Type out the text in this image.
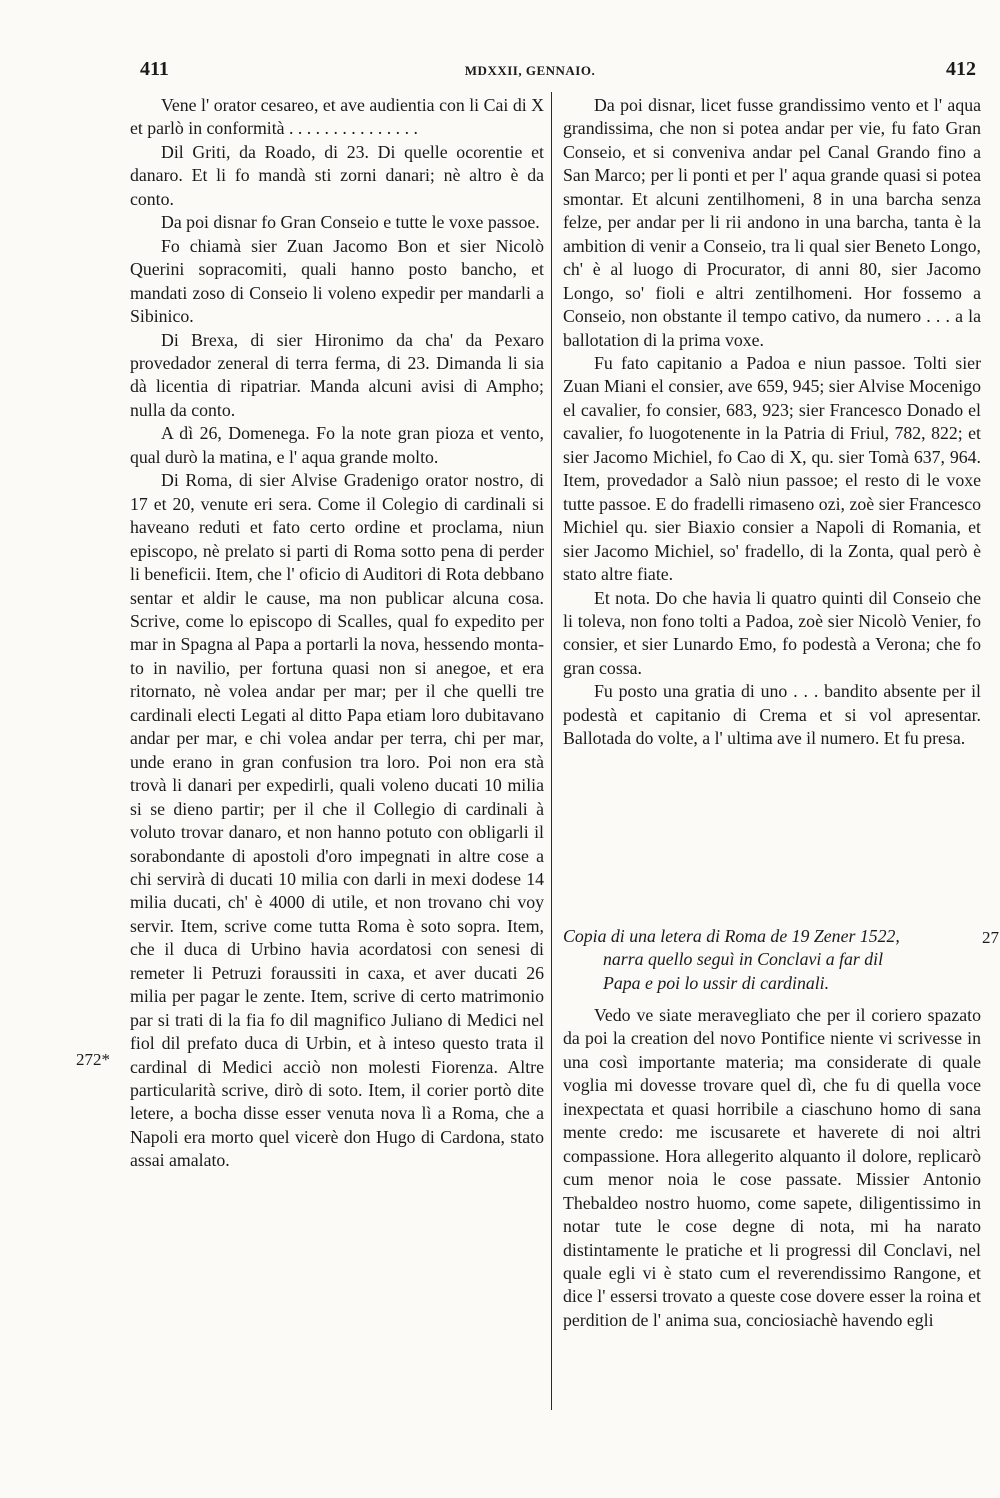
411	MDXXII, GENNAIO.	412
272*
27

Vene l' orator cesareo, et ave audientia con li Cai di X et parlò in conformità . . . . . . . . . . . . . . .

Dil Griti, da Roado, di 23. Di quelle ocorentie et danaro. Et li fo mandà sti zorni danari; nè altro è da conto.

Da poi disnar fo Gran Conseio e tutte le voxe passoe.

Fo chiamà sier Zuan Jacomo Bon et sier Nicolò Querini sopracomiti, quali hanno posto bancho, et mandati zoso di Conseio li voleno expedir per mandarli a Sibinico.

Di Brexa, di sier Hironimo da cha' da Pexaro provedador zeneral di terra ferma, di 23. Dimanda li sia dà licentia di ripatriar. Manda alcuni avisi di Ampho; nulla da conto.

A dì 26, Domenega. Fo la note gran pioza et vento, qual durò la matina, e l' aqua grande molto.

Di Roma, di sier Alvise Gradenigo orator nostro, di 17 et 20, venute eri sera. Come il Colegio di cardinali si haveano reduti et fato certo ordine et proclama, niun episcopo, nè prelato si parti di Roma sotto pena di perder li beneficii. Item, che l' oficio di Auditori di Rota debbano sentar et aldir le cause, ma non publicar alcuna cosa. Scrive, come lo episcopo di Scalles, qual fo expedito per mar in Spagna al Papa a portarli la nova, hessendo montato in navilio, per fortuna quasi non si anegoe, et era ritornato, nè volea andar per mar; per il che quelli tre cardinali electi Legati al ditto Papa etiam loro dubitavano andar per mar, e chi volea andar per terra, chi per mar, unde erano in gran confusion tra loro. Poi non era stà trovà li danari per expedirli, quali voleno ducati 10 milia si se dieno partir; per il che il Collegio di cardinali à voluto trovar danaro, et non hanno potuto con obligarli il sorabondante di apostoli d'oro impegnati in altre cose a chi servirà di ducati 10 milia con darli in mexi dodese 14 milia ducati, ch' è 4000 di utile, et non trovano chi voy servir. Item, scrive come tutta Roma è soto sopra. Item, che il duca di Urbino havia acordatosi con senesi di remeter li Petruzi foraussiti in caxa, et aver ducati 26 milia per pagar le zente. Item, scrive di certo matrimonio par si trati di la fia fo dil magnifico Juliano di Medici nel fiol dil prefato duca di Urbin, et à inteso questo trata il cardinal di Medici acciò non molesti Fiorenza. Altre particularità scrive, dirò di soto. Item, il corier portò dite letere, a bocha disse esser venuta nova lì a Roma, che a Napoli era morto quel vicerè don Hugo di Cardona, stato assai amalato.

Da poi disnar, licet fusse grandissimo vento et l' aqua grandissima, che non si potea andar per vie, fu fato Gran Conseio, et si conveniva andar pel Canal Grando fino a San Marco; per li ponti et per l' aqua grande quasi si potea smontar. Et alcuni zentilhomeni, 8 in una barcha senza felze, per andar per li rii andono in una barcha, tanta è la ambition di venir a Conseio, tra li qual sier Beneto Longo, ch' è al luogo di Procurator, di anni 80, sier Jacomo Longo, so' fioli e altri zentilhomeni. Hor fossemo a Conseio, non obstante il tempo cativo, da numero . . . a la ballotation di la prima voxe.

Fu fato capitanio a Padoa e niun passoe. Tolti sier Zuan Miani el consier, ave 659, 945; sier Alvise Mocenigo el cavalier, fo consier, 683, 923; sier Francesco Donado el cavalier, fo luogotenente in la Patria di Friul, 782, 822; et sier Jacomo Michiel, fo Cao di X, qu. sier Tomà 637, 964. Item, provedador a Salò niun passoe; el resto di le voxe tutte passoe. E do fradelli rimaseno ozi, zoè sier Francesco Michiel qu. sier Biaxio consier a Napoli di Romania, et sier Jacomo Michiel, so' fradello, di la Zonta, qual però è stato altre fiate.

Et nota. Do che havia li quatro quinti dil Conseio che li toleva, non fono tolti a Padoa, zoè sier Nicolò Venier, fo consier, et sier Lunardo Emo, fo podestà a Verona; che fo gran cossa.

Fu posto una gratia di uno . . . bandito absente per il podestà et capitanio di Crema et si vol apresentar. Ballotada do volte, a l' ultima ave il numero. Et fu presa.

Copia di una letera di Roma de 19 Zener 1522,
narra quello seguì in Conclavi a far dil
Papa e poi lo ussir di cardinali.

Vedo ve siate meravegliato che per il coriero spazato da poi la creation del novo Pontifice niente vi scrivesse in una così importante materia; ma considerate di quale voglia mi dovesse trovare quel dì, che fu di quella voce inexpectata et quasi horribile a ciaschuno homo di sana mente credo: me iscusarete et haverete di noi altri compassione. Hora allegerito alquanto il dolore, replicarò cum menor noia le cose passate. Missier Antonio Thebaldeo nostro huomo, come sapete, diligentissimo in notar tute le cose degne di nota, mi ha narato distintamente le pratiche et li progressi dil Conclavi, nel quale egli vi è stato cum el reverendissimo Rangone, et dice l' essersi trovato a queste cose dovere esser la roina et perdition de l' anima sua, conciosiachè havendo egli
